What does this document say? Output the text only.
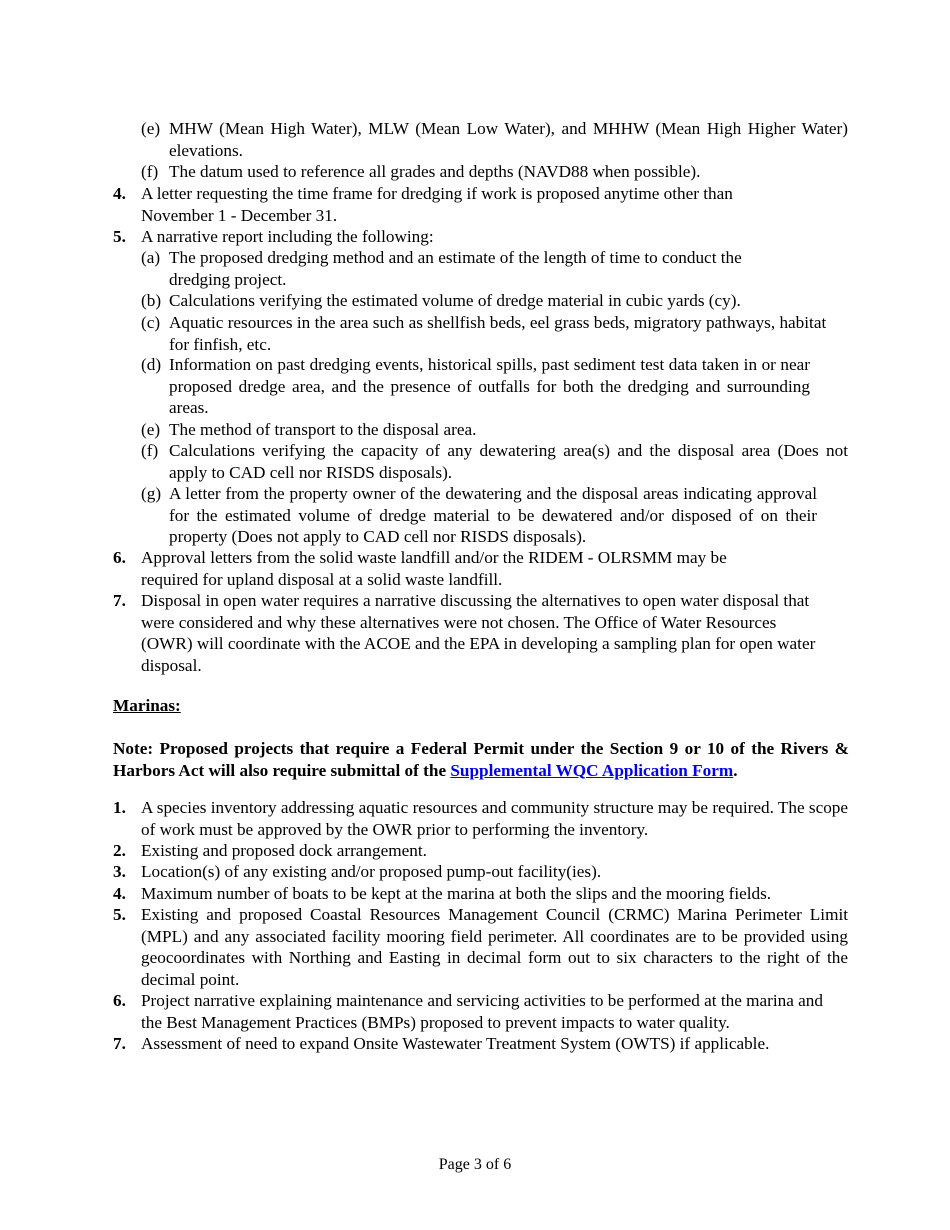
(e) MHW (Mean High Water), MLW (Mean Low Water), and MHHW (Mean High Higher Water) elevations.
(f) The datum used to reference all grades and depths (NAVD88 when possible).
4. A letter requesting the time frame for dredging if work is proposed anytime other than November 1 - December 31.
5. A narrative report including the following:
(a) The proposed dredging method and an estimate of the length of time to conduct the dredging project.
(b) Calculations verifying the estimated volume of dredge material in cubic yards (cy).
(c) Aquatic resources in the area such as shellfish beds, eel grass beds, migratory pathways, habitat for finfish, etc.
(d) Information on past dredging events, historical spills, past sediment test data taken in or near proposed dredge area, and the presence of outfalls for both the dredging and surrounding areas.
(e) The method of transport to the disposal area.
(f) Calculations verifying the capacity of any dewatering area(s) and the disposal area (Does not apply to CAD cell nor RISDS disposals).
(g) A letter from the property owner of the dewatering and the disposal areas indicating approval for the estimated volume of dredge material to be dewatered and/or disposed of on their property (Does not apply to CAD cell nor RISDS disposals).
6. Approval letters from the solid waste landfill and/or the RIDEM - OLRSMM may be required for upland disposal at a solid waste landfill.
7. Disposal in open water requires a narrative discussing the alternatives to open water disposal that were considered and why these alternatives were not chosen. The Office of Water Resources (OWR) will coordinate with the ACOE and the EPA in developing a sampling plan for open water disposal.
Marinas:
Note: Proposed projects that require a Federal Permit under the Section 9 or 10 of the Rivers & Harbors Act will also require submittal of the Supplemental WQC Application Form.
1. A species inventory addressing aquatic resources and community structure may be required. The scope of work must be approved by the OWR prior to performing the inventory.
2. Existing and proposed dock arrangement.
3. Location(s) of any existing and/or proposed pump-out facility(ies).
4. Maximum number of boats to be kept at the marina at both the slips and the mooring fields.
5. Existing and proposed Coastal Resources Management Council (CRMC) Marina Perimeter Limit (MPL) and any associated facility mooring field perimeter. All coordinates are to be provided using geocoordinates with Northing and Easting in decimal form out to six characters to the right of the decimal point.
6. Project narrative explaining maintenance and servicing activities to be performed at the marina and the Best Management Practices (BMPs) proposed to prevent impacts to water quality.
7. Assessment of need to expand Onsite Wastewater Treatment System (OWTS) if applicable.
Page 3 of 6
